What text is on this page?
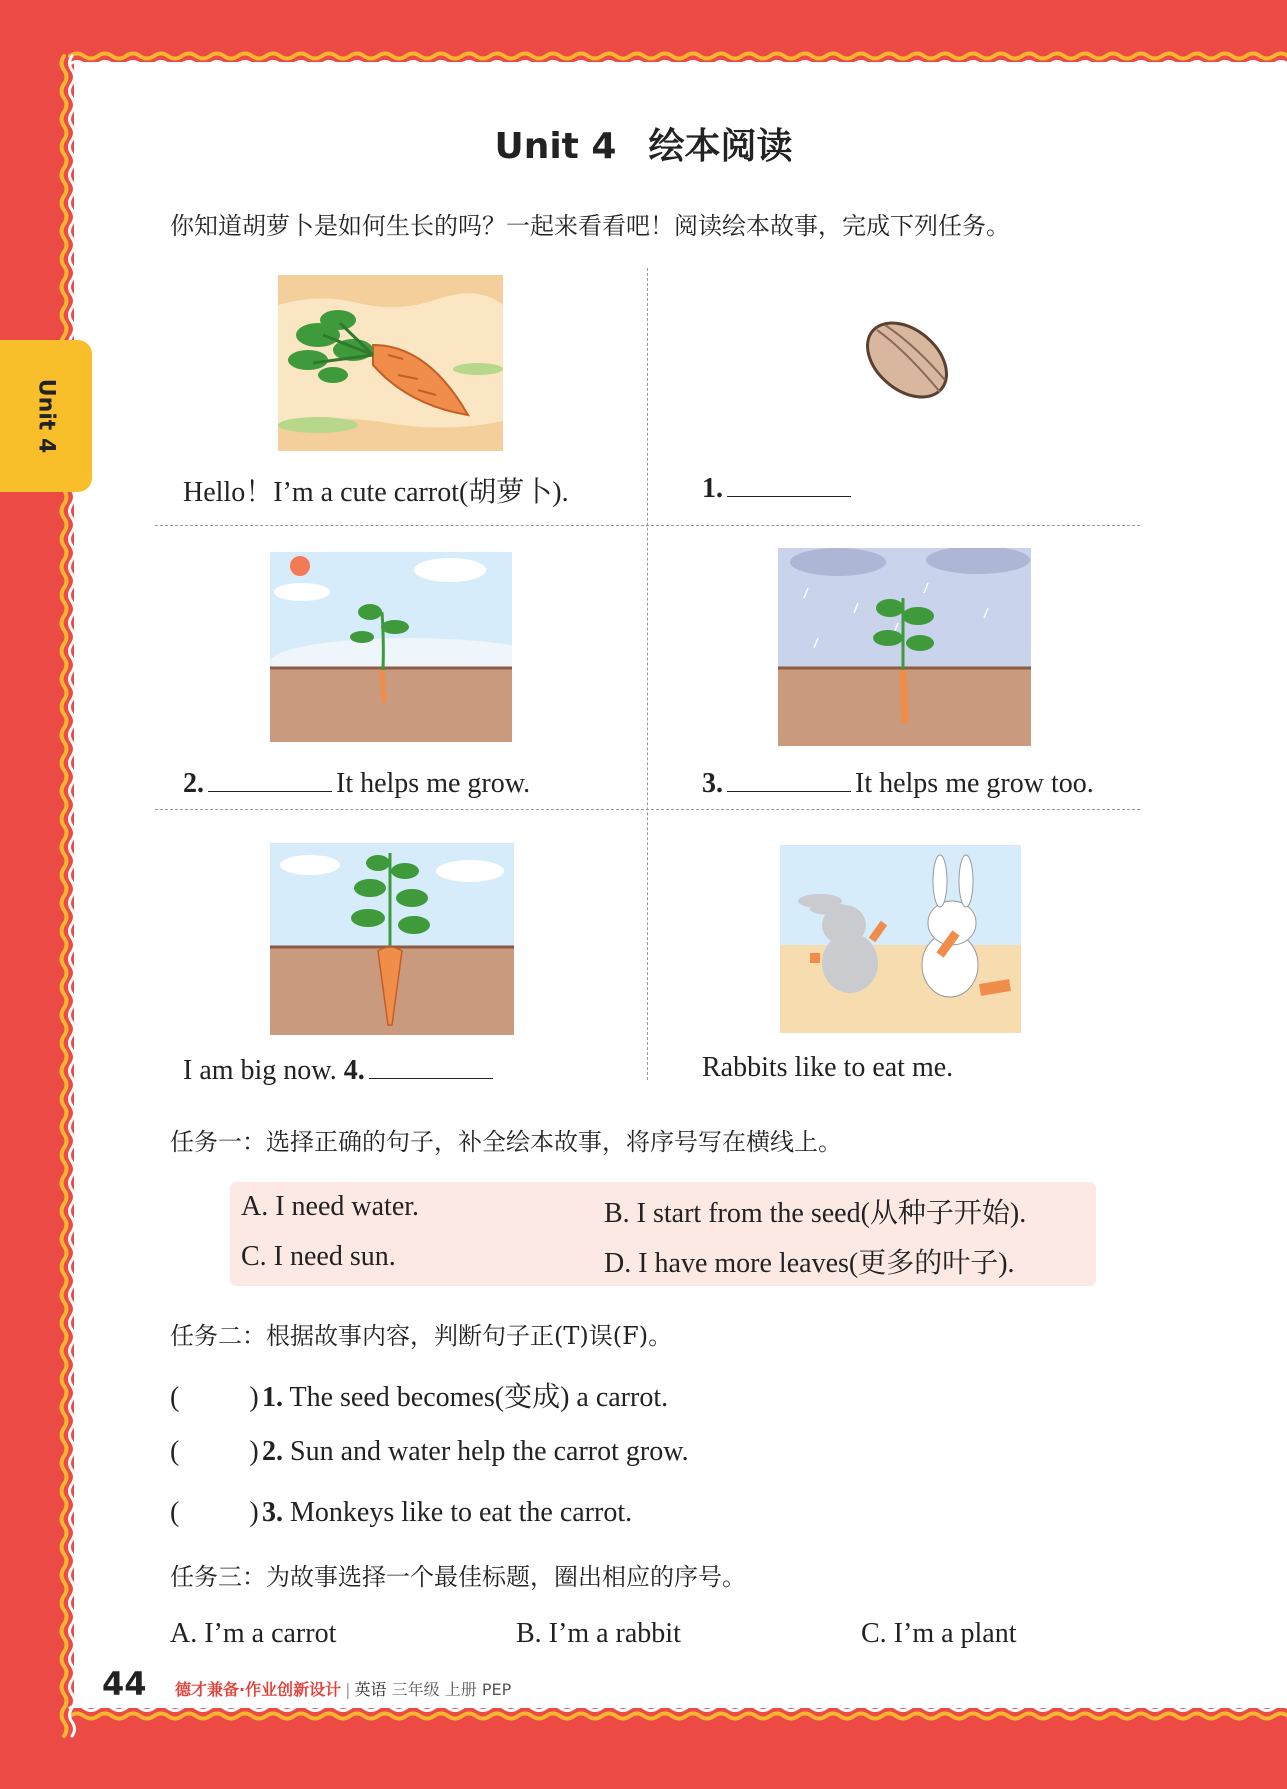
Unit 4
Unit 4 绘本阅读
你知道胡萝卜是如何生长的吗？一起来看看吧！阅读绘本故事，完成下列任务。
Hello！I’m a cute carrot(胡萝卜).	1.
2.	It helps me grow.	3.	It helps me grow too.
I am big now. 4.	Rabbits like to eat me.
任务一：选择正确的句子，补全绘本故事，将序号写在横线上。
A. I need water.	B. I start from the seed(从种子开始).
C. I need sun.	D. I have more leaves(更多的叶子).
任务二：根据故事内容，判断句子正(T)误(F)。
(	) 1. The seed becomes(变成) a carrot.
(	) 2. Sun and water help the carrot grow.
(	) 3. Monkeys like to eat the carrot.
任务三：为故事选择一个最佳标题，圈出相应的序号。
A. I’m a carrot	B. I’m a rabbit	C. I’m a plant
44 德才兼备·作业创新设计 | 英语 三年级 上册 PEP
